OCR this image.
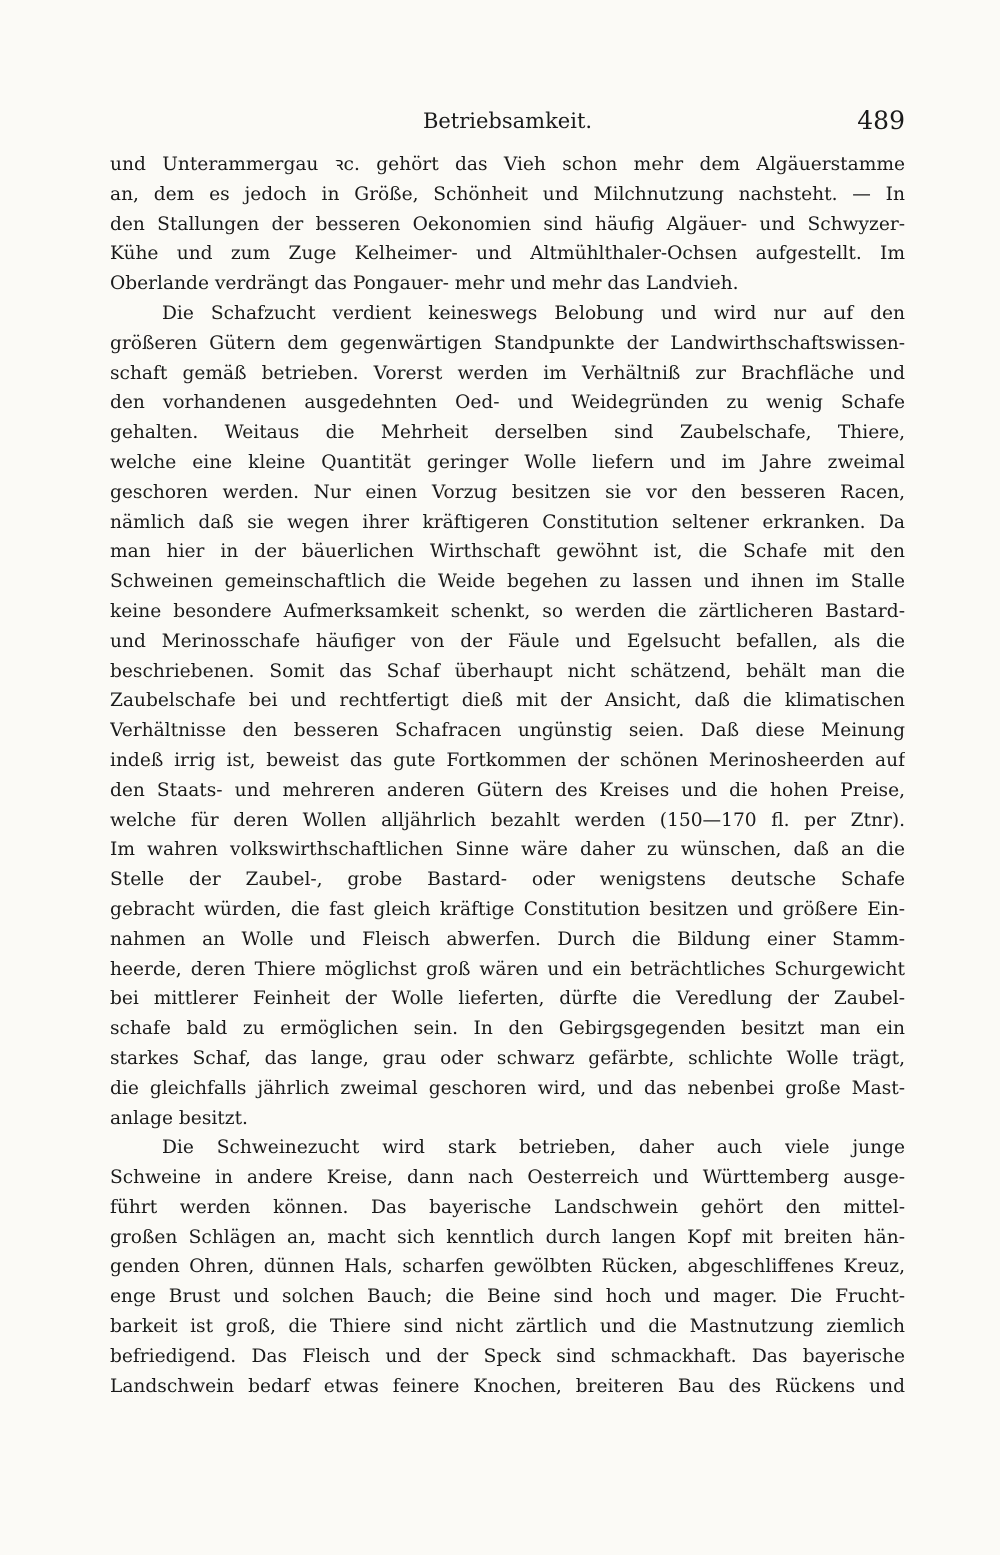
Betriebsamkeit.	489
und Unterammergau ꝛc. gehört das Vieh schon mehr dem Algäuerstamme
an, dem es jedoch in Größe, Schönheit und Milchnutzung nachsteht. — In
den Stallungen der besseren Oekonomien sind häufig Algäuer- und Schwyzer-
Kühe und zum Zuge Kelheimer- und Altmühlthaler-Ochsen aufgestellt. Im
Oberlande verdrängt das Pongauer- mehr und mehr das Landvieh.
Die Schafzucht verdient keineswegs Belobung und wird nur auf den
größeren Gütern dem gegenwärtigen Standpunkte der Landwirthschaftswissen-
schaft gemäß betrieben. Vorerst werden im Verhältniß zur Brachfläche und
den vorhandenen ausgedehnten Oed- und Weidegründen zu wenig Schafe
gehalten. Weitaus die Mehrheit derselben sind Zaubelschafe, Thiere,
welche eine kleine Quantität geringer Wolle liefern und im Jahre zweimal
geschoren werden. Nur einen Vorzug besitzen sie vor den besseren Racen,
nämlich daß sie wegen ihrer kräftigeren Constitution seltener erkranken. Da
man hier in der bäuerlichen Wirthschaft gewöhnt ist, die Schafe mit den
Schweinen gemeinschaftlich die Weide begehen zu lassen und ihnen im Stalle
keine besondere Aufmerksamkeit schenkt, so werden die zärtlicheren Bastard-
und Merinosschafe häufiger von der Fäule und Egelsucht befallen, als die
beschriebenen. Somit das Schaf überhaupt nicht schätzend, behält man die
Zaubelschafe bei und rechtfertigt dieß mit der Ansicht, daß die klimatischen
Verhältnisse den besseren Schafracen ungünstig seien. Daß diese Meinung
indeß irrig ist, beweist das gute Fortkommen der schönen Merinosheerden auf
den Staats- und mehreren anderen Gütern des Kreises und die hohen Preise,
welche für deren Wollen alljährlich bezahlt werden (150—170 fl. per Ztnr).
Im wahren volkswirthschaftlichen Sinne wäre daher zu wünschen, daß an die
Stelle der Zaubel-, grobe Bastard- oder wenigstens deutsche Schafe
gebracht würden, die fast gleich kräftige Constitution besitzen und größere Ein-
nahmen an Wolle und Fleisch abwerfen. Durch die Bildung einer Stamm-
heerde, deren Thiere möglichst groß wären und ein beträchtliches Schurgewicht
bei mittlerer Feinheit der Wolle lieferten, dürfte die Veredlung der Zaubel-
schafe bald zu ermöglichen sein. In den Gebirgsgegenden besitzt man ein
starkes Schaf, das lange, grau oder schwarz gefärbte, schlichte Wolle trägt,
die gleichfalls jährlich zweimal geschoren wird, und das nebenbei große Mast-
anlage besitzt.
Die Schweinezucht wird stark betrieben, daher auch viele junge
Schweine in andere Kreise, dann nach Oesterreich und Württemberg ausge-
führt werden können. Das bayerische Landschwein gehört den mittel-
großen Schlägen an, macht sich kenntlich durch langen Kopf mit breiten hän-
genden Ohren, dünnen Hals, scharfen gewölbten Rücken, abgeschliffenes Kreuz,
enge Brust und solchen Bauch; die Beine sind hoch und mager. Die Frucht-
barkeit ist groß, die Thiere sind nicht zärtlich und die Mastnutzung ziemlich
befriedigend. Das Fleisch und der Speck sind schmackhaft. Das bayerische
Landschwein bedarf etwas feinere Knochen, breiteren Bau des Rückens und
